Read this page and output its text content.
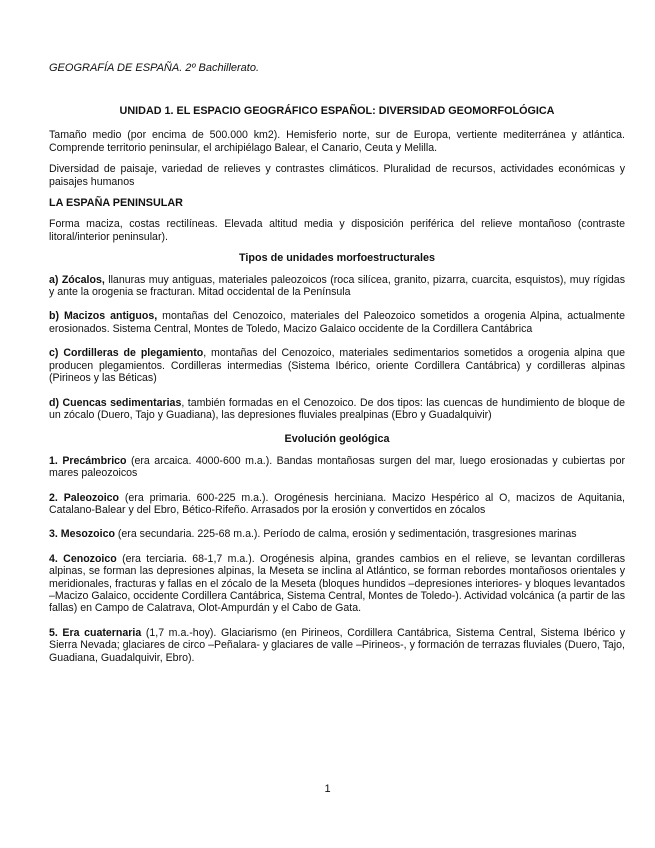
GEOGRAFÍA DE ESPAÑA. 2º Bachillerato.
UNIDAD 1. EL ESPACIO GEOGRÁFICO ESPAÑOL: DIVERSIDAD GEOMORFOLÓGICA

Tamaño medio (por encima de 500.000 km2). Hemisferio norte, sur de Europa, vertiente mediterránea y atlántica. Comprende territorio peninsular, el archipiélago Balear, el Canario, Ceuta y Melilla.

Diversidad de paisaje, variedad de relieves y contrastes climáticos. Pluralidad de recursos, actividades económicas y paisajes humanos

LA ESPAÑA PENINSULAR

Forma maciza, costas rectilíneas. Elevada altitud media y disposición periférica del relieve montañoso (contraste litoral/interior peninsular).

Tipos de unidades morfoestructurales
a) Zócalos, llanuras muy antiguas, materiales paleozoicos (roca silícea, granito, pizarra, cuarcita, esquistos), muy rígidas y ante la orogenia se fracturan. Mitad occidental de la Península
b) Macizos antiguos, montañas del Cenozoico, materiales del Paleozoico sometidos a orogenia Alpina, actualmente erosionados. Sistema Central, Montes de Toledo, Macizo Galaico occidente de la Cordillera Cantábrica
c) Cordilleras de plegamiento, montañas del Cenozoico, materiales sedimentarios sometidos a orogenia alpina que producen plegamientos. Cordilleras intermedias (Sistema Ibérico, oriente Cordillera Cantábrica) y cordilleras alpinas (Pirineos y las Béticas)
d) Cuencas sedimentarias, también formadas en el Cenozoico. De dos tipos: las cuencas de hundimiento de bloque de un zócalo (Duero, Tajo y Guadiana), las depresiones fluviales prealpinas (Ebro y Guadalquivir)
Evolución geológica
1. Precámbrico (era arcaica. 4000-600 m.a.). Bandas montañosas surgen del mar, luego erosionadas y cubiertas por mares paleozoicos
2. Paleozoico (era primaria. 600-225 m.a.). Orogénesis herciniana. Macizo Hespérico al O, macizos de Aquitania, Catalano-Balear y del Ebro, Bético-Rifeño. Arrasados por la erosión y convertidos en zócalos
3. Mesozoico (era secundaria. 225-68 m.a.). Período de calma, erosión y sedimentación, trasgresiones marinas
4. Cenozoico (era terciaria. 68-1,7 m.a.). Orogénesis alpina, grandes cambios en el relieve, se levantan cordilleras alpinas, se forman las depresiones alpinas, la Meseta se inclina al Atlántico, se forman rebordes montañosos orientales y meridionales, fracturas y fallas en el zócalo de la Meseta (bloques hundidos –depresiones interiores- y bloques levantados –Macizo Galaico, occidente Cordillera Cantábrica, Sistema Central, Montes de Toledo-). Actividad volcánica (a partir de las fallas) en Campo de Calatrava, Olot-Ampurdán y el Cabo de Gata.
5. Era cuaternaria (1,7 m.a.-hoy). Glaciarismo (en Pirineos, Cordillera Cantábrica, Sistema Central, Sistema Ibérico y Sierra Nevada; glaciares de circo –Peñalara- y glaciares de valle –Pirineos-, y formación de terrazas fluviales (Duero, Tajo, Guadiana, Guadalquivir, Ebro).
1
